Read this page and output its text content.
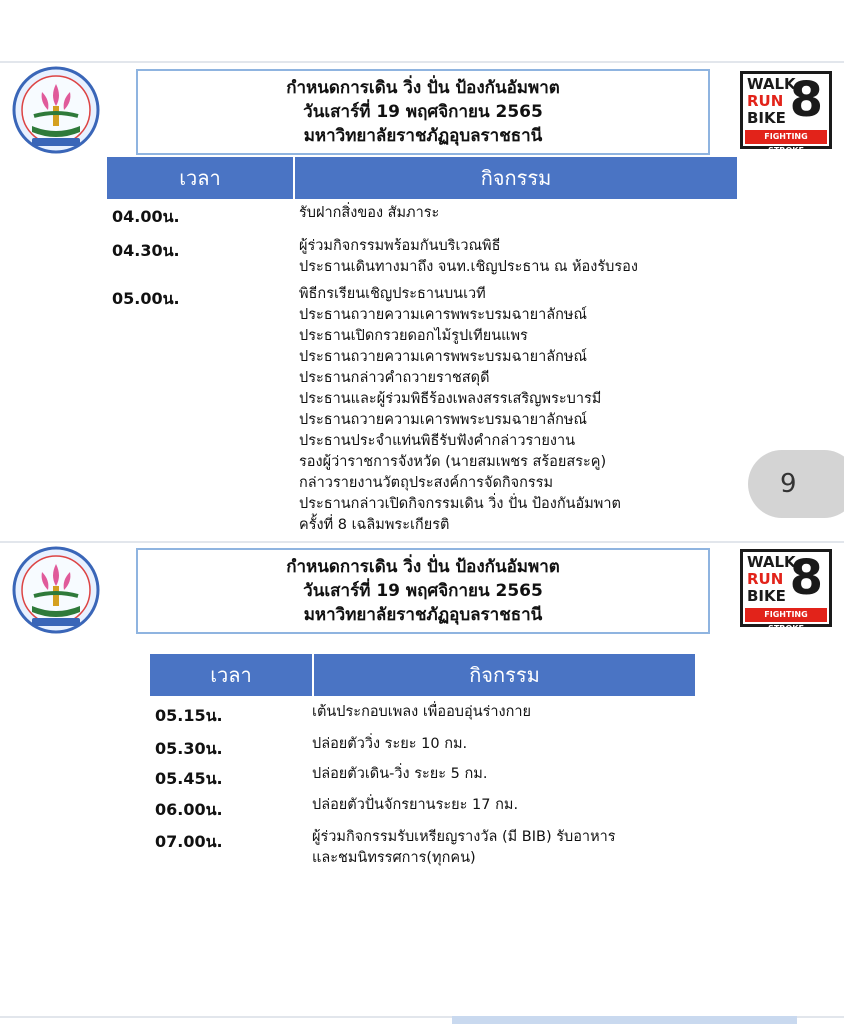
กำหนดการเดิน วิ่ง ปั่น ป้องกันอัมพาต
วันเสาร์ที่ 19 พฤศจิกายน 2565
มหาวิทยาลัยราชภัฏอุบลราชธานี
WALK
RUN
BIKE 8
FIGHTING STROKE
เวลา	กิจกรรม
04.00น.	รับฝากสิ่งของ สัมภาระ
04.30น.	ผู้ร่วมกิจกรรมพร้อมกันบริเวณพิธี
ประธานเดินทางมาถึง จนท.เชิญประธาน ณ ห้องรับรอง
05.00น.	พิธีกรเรียนเชิญประธานบนเวที
ประธานถวายความเคารพพระบรมฉายาลักษณ์
ประธานเปิดกรวยดอกไม้รูปเทียนแพร
ประธานถวายความเคารพพระบรมฉายาลักษณ์
ประธานกล่าวคำถวายราชสดุดี
ประธานและผู้ร่วมพิธีร้องเพลงสรรเสริญพระบารมี
ประธานถวายความเคารพพระบรมฉายาลักษณ์
ประธานประจำแท่นพิธีรับฟังคำกล่าวรายงาน
รองผู้ว่าราชการจังหวัด (นายสมเพชร สร้อยสระคู)
กล่าวรายงานวัตถุประสงค์การจัดกิจกรรม
ประธานกล่าวเปิดกิจกรรมเดิน วิ่ง ปั่น ป้องกันอัมพาต
ครั้งที่ 8 เฉลิมพระเกียรติ
9
กำหนดการเดิน วิ่ง ปั่น ป้องกันอัมพาต
วันเสาร์ที่ 19 พฤศจิกายน 2565
มหาวิทยาลัยราชภัฏอุบลราชธานี
WALK
RUN
BIKE 8
FIGHTING STROKE
เวลา	กิจกรรม
05.15น.	เต้นประกอบเพลง เพื่ออบอุ่นร่างกาย
05.30น.	ปล่อยตัววิ่ง ระยะ 10 กม.
05.45น.	ปล่อยตัวเดิน-วิ่ง ระยะ 5 กม.
06.00น.	ปล่อยตัวปั่นจักรยานระยะ 17 กม.
07.00น.	ผู้ร่วมกิจกรรมรับเหรียญรางวัล (มี BIB) รับอาหาร
และชมนิทรรศการ(ทุกคน)
